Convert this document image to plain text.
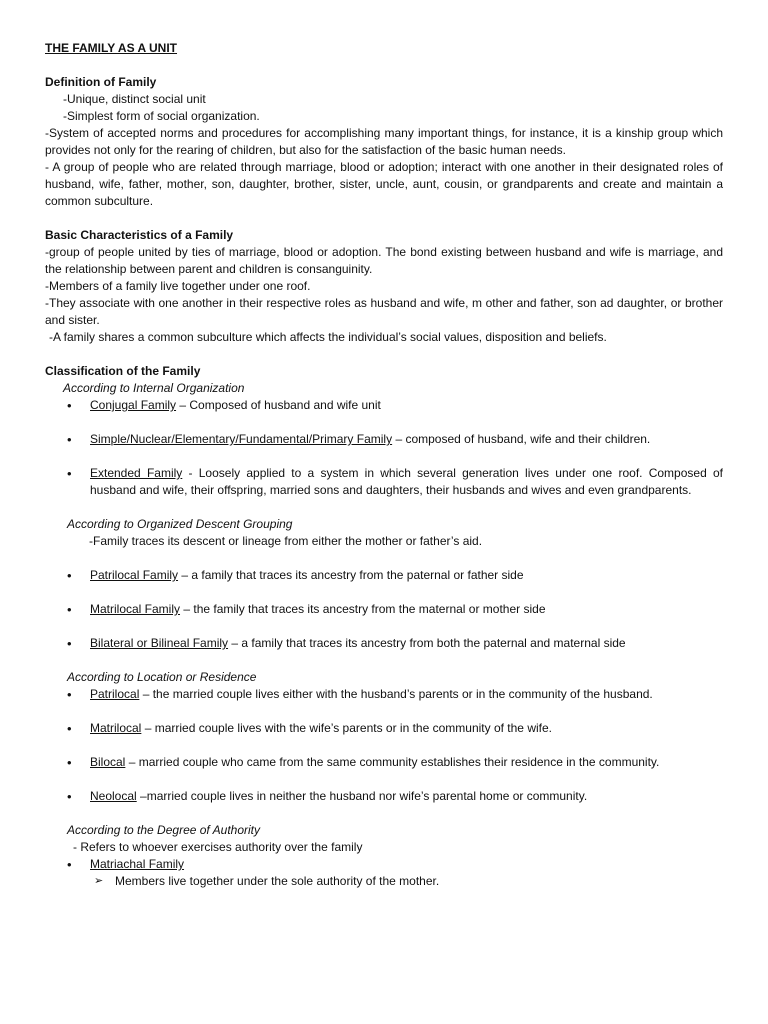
THE FAMILY AS A UNIT
Definition of Family
-Unique, distinct social unit
-Simplest form of social organization.
-System of accepted norms and procedures for accomplishing many important things, for instance, it is a kinship group which provides not only for the rearing of children, but also for the satisfaction of the basic human needs.
- A group of people who are related through marriage, blood or adoption; interact with one another in their designated roles of husband, wife, father, mother, son, daughter, brother, sister, uncle, aunt, cousin, or grandparents and create and maintain a common subculture.
Basic Characteristics of a Family
-group of people united by ties of marriage, blood or adoption. The bond existing between husband and wife is marriage, and the relationship between parent and children is consanguinity.
-Members of a family live together under one roof.
-They associate with one another in their respective roles as husband and wife, m other and father, son ad daughter, or brother and sister.
-A family shares a common subculture which affects the individual’s social values, disposition and beliefs.
Classification of the Family
According to Internal Organization
• Conjugal Family – Composed of husband and wife unit
• Simple/Nuclear/Elementary/Fundamental/Primary Family – composed of husband, wife and their children.
• Extended Family - Loosely applied to a system in which several generation lives under one roof. Composed of husband and wife, their offspring, married sons and daughters, their husbands and wives and even grandparents.
According to Organized Descent Grouping
-Family traces its descent or lineage from either the mother or father’s aid.
• Patrilocal Family – a family that traces its ancestry from the paternal or father side
• Matrilocal Family – the family that traces its ancestry from the maternal or mother side
• Bilateral or Bilineal Family – a family that traces its ancestry from both the paternal and maternal side
According to Location or Residence
• Patrilocal – the married couple lives either with the husband’s parents or in the community of the husband.
• Matrilocal – married couple lives with the wife’s parents or in the community of the wife.
• Bilocal – married couple who came from the same community establishes their residence in the community.
• Neolocal –married couple lives in neither the husband nor wife’s parental home or community.
According to the Degree of Authority
- Refers to whoever exercises authority over the family
• Matriachal Family
➢ Members live together under the sole authority of the mother.
